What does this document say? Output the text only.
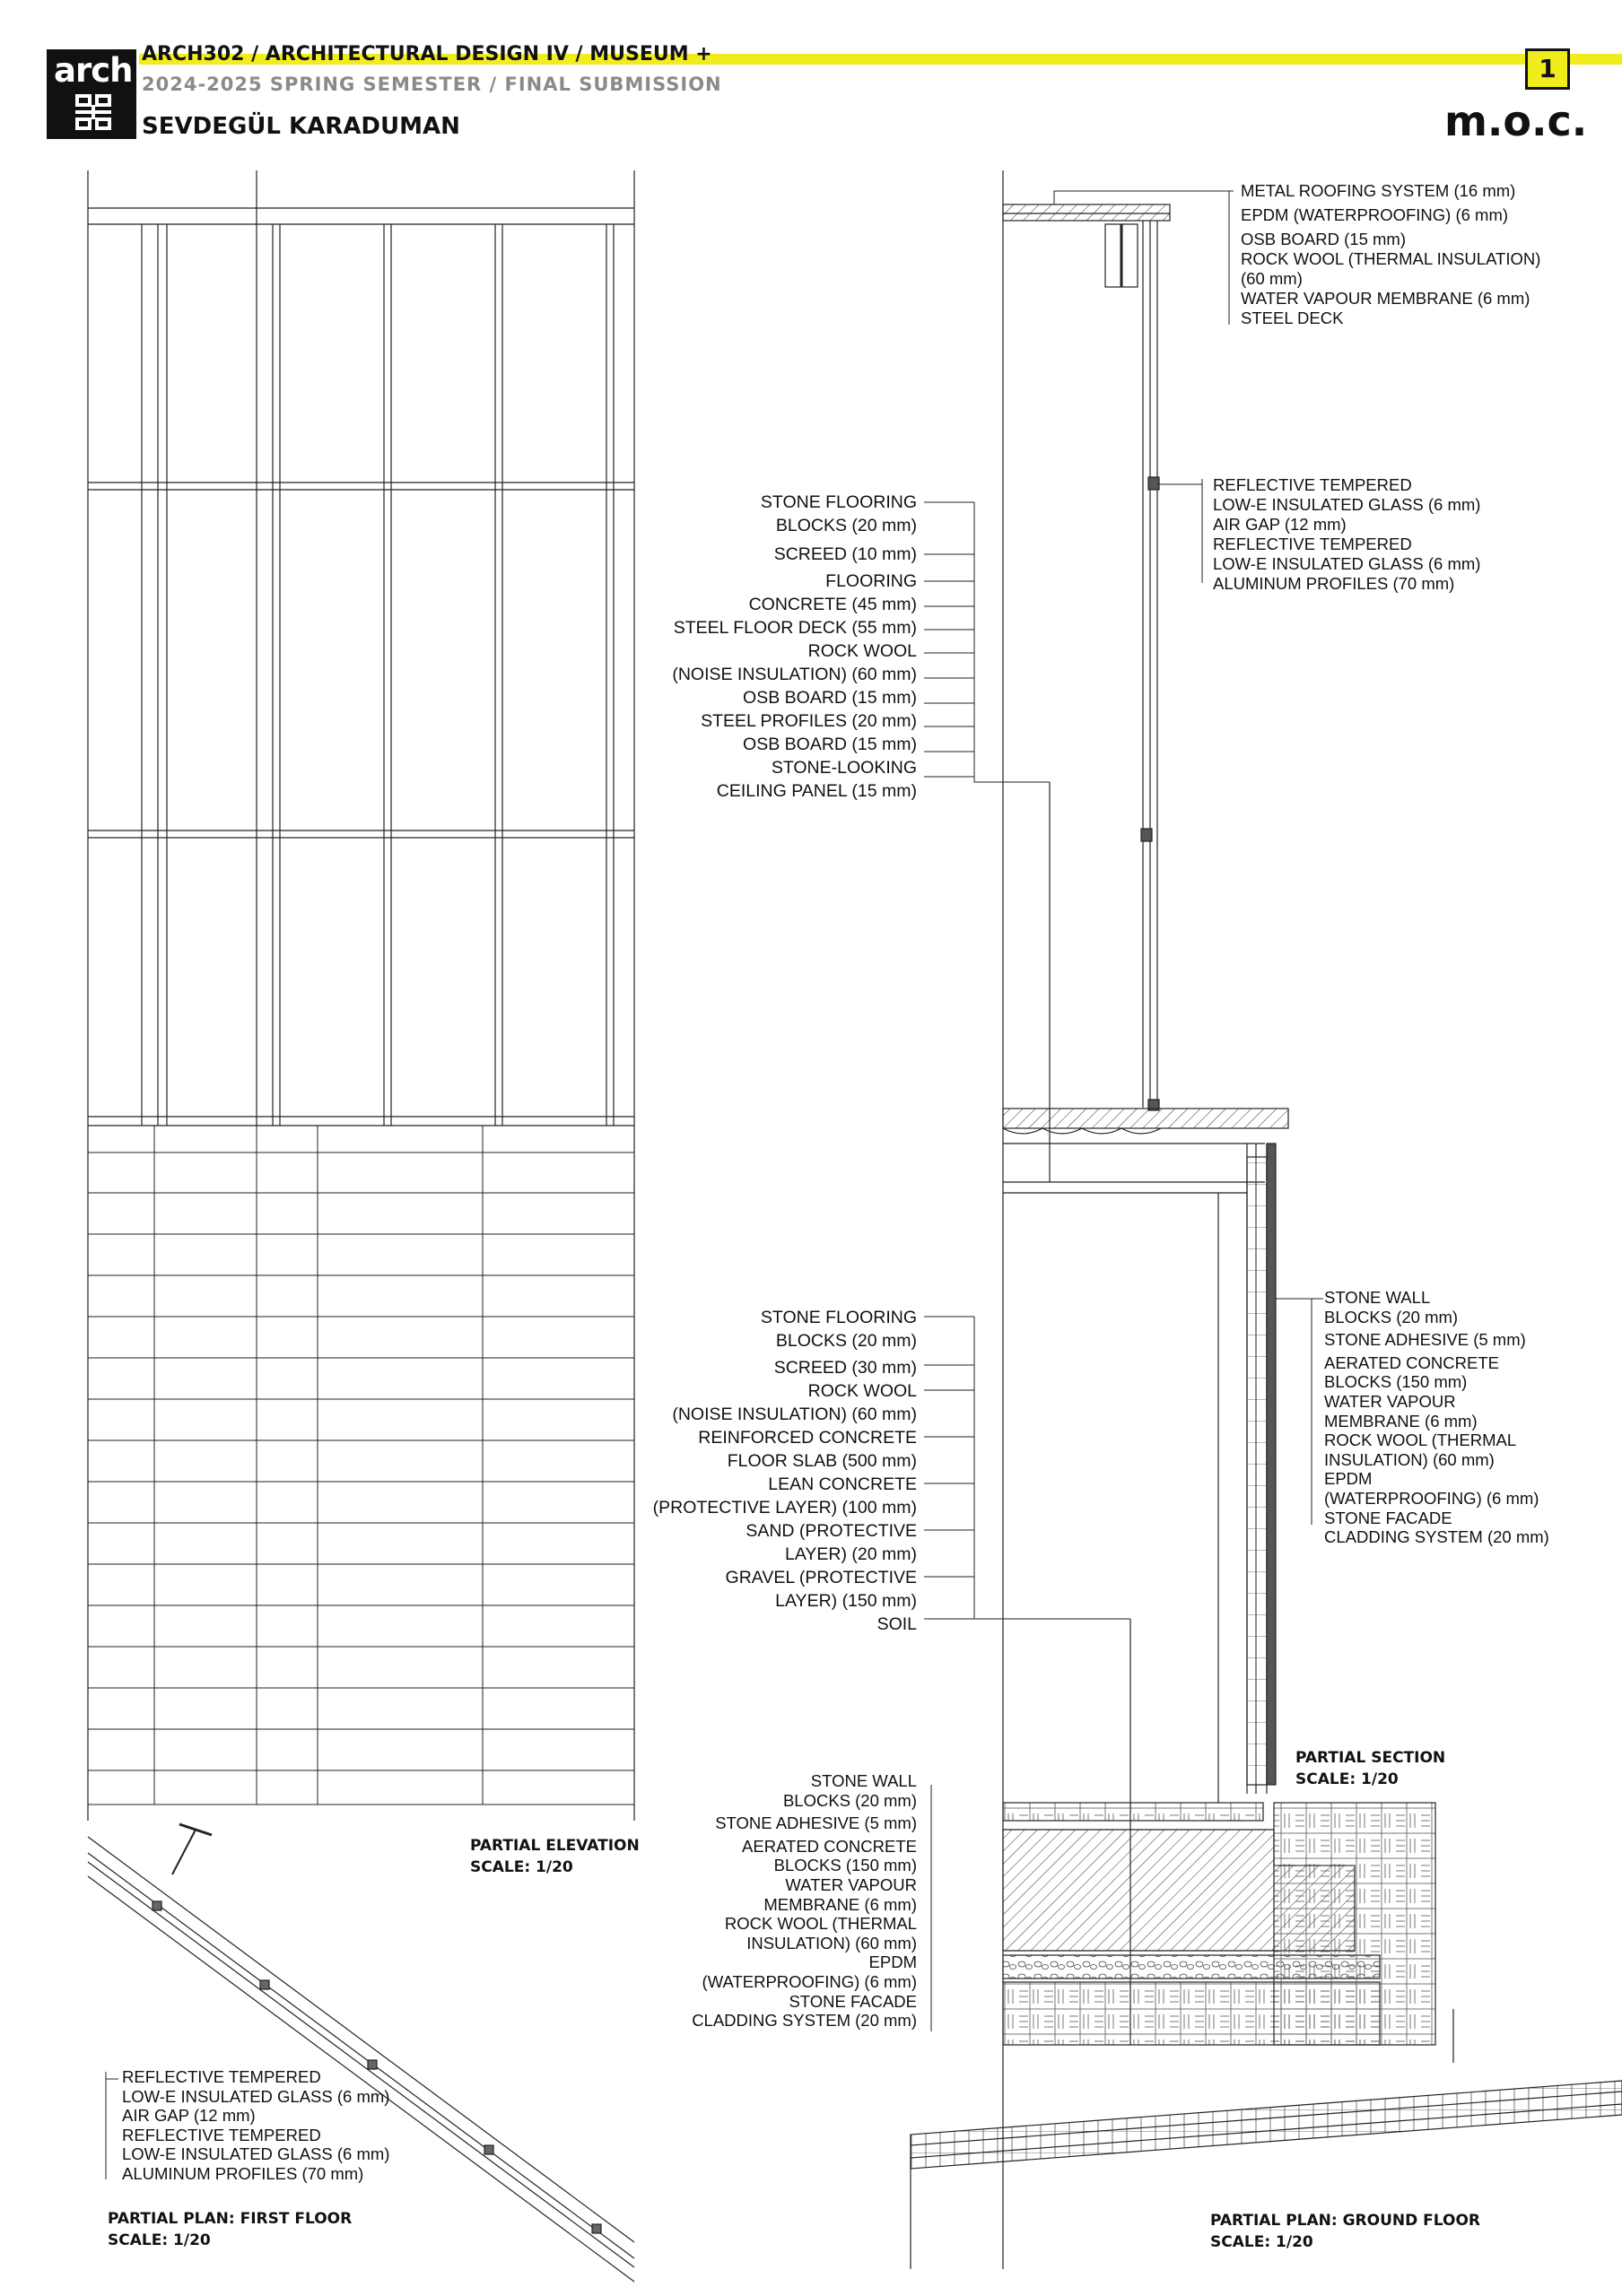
arch ARCH302 / ARCHITECTURAL DESIGN IV / MUSEUM +
2024-2025 SPRING SEMESTER / FINAL SUBMISSION
SEVDEGÜL KARADUMAN
1
m.o.c.
METAL ROOFING SYSTEM (16 mm)
EPDM (WATERPROOFING) (6 mm)
OSB BOARD (15 mm)
ROCK WOOL (THERMAL INSULATION)
(60 mm)
WATER VAPOUR MEMBRANE (6 mm)
STEEL DECK
REFLECTIVE TEMPERED
LOW-E INSULATED GLASS (6 mm)
AIR GAP (12 mm)
REFLECTIVE TEMPERED
LOW-E INSULATED GLASS (6 mm)
ALUMINUM PROFILES (70 mm)
STONE FLOORING
BLOCKS (20 mm)
SCREED (10 mm)
FLOORING
CONCRETE (45 mm)
STEEL FLOOR DECK (55 mm)
ROCK WOOL
(NOISE INSULATION) (60 mm)
OSB BOARD (15 mm)
STEEL PROFILES (20 mm)
OSB BOARD (15 mm)
STONE-LOOKING
CEILING PANEL (15 mm)
STONE FLOORING
BLOCKS (20 mm)
SCREED (30 mm)
ROCK WOOL
(NOISE INSULATION) (60 mm)
REINFORCED CONCRETE
FLOOR SLAB (500 mm)
LEAN CONCRETE
(PROTECTIVE LAYER) (100 mm)
SAND (PROTECTIVE
LAYER) (20 mm)
GRAVEL (PROTECTIVE
LAYER) (150 mm)
SOIL
STONE WALL
BLOCKS (20 mm)
STONE ADHESIVE (5 mm)
AERATED CONCRETE
BLOCKS (150 mm)
WATER VAPOUR
MEMBRANE (6 mm)
ROCK WOOL (THERMAL
INSULATION) (60 mm)
EPDM
(WATERPROOFING) (6 mm)
STONE FACADE
CLADDING SYSTEM (20 mm)
STONE WALL
BLOCKS (20 mm)
STONE ADHESIVE (5 mm)
AERATED CONCRETE
BLOCKS (150 mm)
WATER VAPOUR
MEMBRANE (6 mm)
ROCK WOOL (THERMAL
INSULATION) (60 mm)
EPDM
(WATERPROOFING) (6 mm)
STONE FACADE
CLADDING SYSTEM (20 mm)
REFLECTIVE TEMPERED
LOW-E INSULATED GLASS (6 mm)
AIR GAP (12 mm)
REFLECTIVE TEMPERED
LOW-E INSULATED GLASS (6 mm)
ALUMINUM PROFILES (70 mm)
PARTIAL ELEVATION
SCALE: 1/20
PARTIAL SECTION
SCALE: 1/20
PARTIAL PLAN: FIRST FLOOR
SCALE: 1/20
PARTIAL PLAN: GROUND FLOOR
SCALE: 1/20
